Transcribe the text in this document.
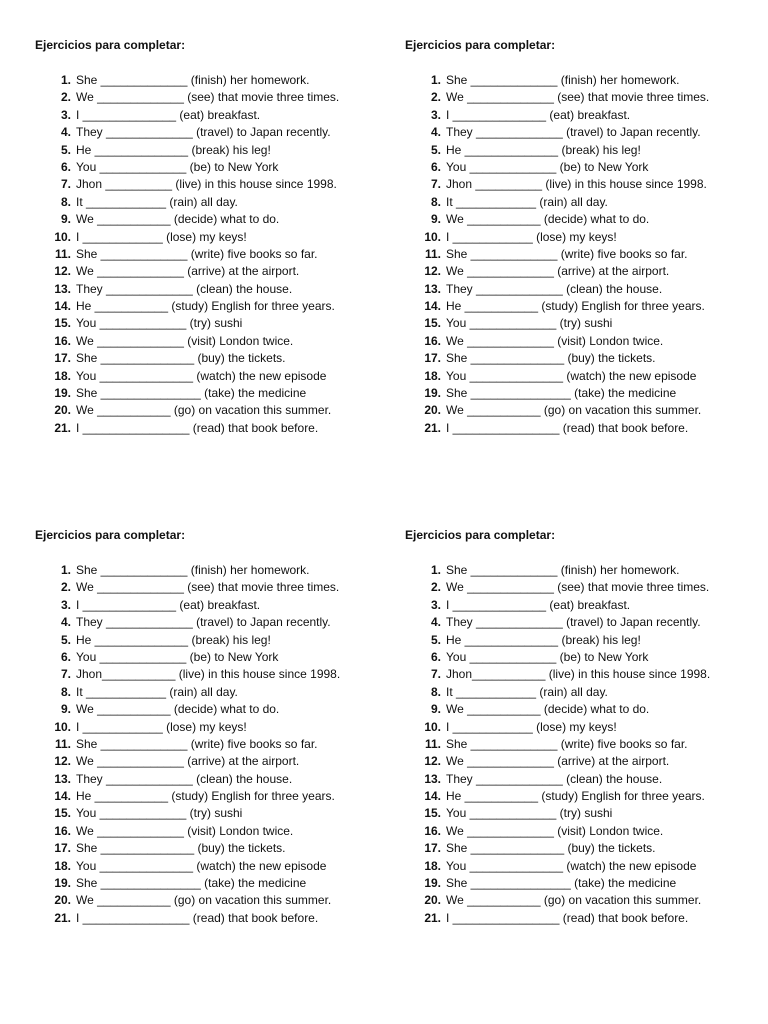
Ejercicios para completar:
1. She _____________ (finish) her homework.
2. We _____________ (see) that movie three times.
3. I ______________ (eat) breakfast.
4. They _____________ (travel) to Japan recently.
5. He ______________ (break) his leg!
6. You _____________ (be) to New York
7. Jhon __________ (live) in this house since 1998.
8. It ____________ (rain) all day.
9. We ___________ (decide) what to do.
10. I ____________ (lose) my keys!
11. She _____________ (write) five books so far.
12. We _____________ (arrive) at the airport.
13. They _____________ (clean) the house.
14. He ___________ (study) English for three years.
15. You _____________ (try) sushi
16. We _____________ (visit) London twice.
17. She ______________ (buy) the tickets.
18. You ______________ (watch) the new episode
19. She _______________ (take) the medicine
20. We ___________ (go) on vacation this summer.
21. I ________________ (read) that book before.
Ejercicios para completar:
1. She _____________ (finish) her homework.
2. We _____________ (see) that movie three times.
3. I ______________ (eat) breakfast.
4. They _____________ (travel) to Japan recently.
5. He ______________ (break) his leg!
6. You _____________ (be) to New York
7. Jhon __________ (live) in this house since 1998.
8. It ____________ (rain) all day.
9. We ___________ (decide) what to do.
10. I ____________ (lose) my keys!
11. She _____________ (write) five books so far.
12. We _____________ (arrive) at the airport.
13. They _____________ (clean) the house.
14. He ___________ (study) English for three years.
15. You _____________ (try) sushi
16. We _____________ (visit) London twice.
17. She ______________ (buy) the tickets.
18. You ______________ (watch) the new episode
19. She _______________ (take) the medicine
20. We ___________ (go) on vacation this summer.
21. I ________________ (read) that book before.
Ejercicios para completar:
1. She _____________ (finish) her homework.
2. We _____________ (see) that movie three times.
3. I ______________ (eat) breakfast.
4. They _____________ (travel) to Japan recently.
5. He ______________ (break) his leg!
6. You _____________ (be) to New York
7. Jhon___________ (live) in this house since 1998.
8. It ____________ (rain) all day.
9. We ___________ (decide) what to do.
10. I ____________ (lose) my keys!
11. She _____________ (write) five books so far.
12. We _____________ (arrive) at the airport.
13. They _____________ (clean) the house.
14. He ___________ (study) English for three years.
15. You _____________ (try) sushi
16. We _____________ (visit) London twice.
17. She ______________ (buy) the tickets.
18. You ______________ (watch) the new episode
19. She _______________ (take) the medicine
20. We ___________ (go) on vacation this summer.
21. I ________________ (read) that book before.
Ejercicios para completar:
1. She _____________ (finish) her homework.
2. We _____________ (see) that movie three times.
3. I ______________ (eat) breakfast.
4. They _____________ (travel) to Japan recently.
5. He ______________ (break) his leg!
6. You _____________ (be) to New York
7. Jhon___________ (live) in this house since 1998.
8. It ____________ (rain) all day.
9. We ___________ (decide) what to do.
10. I ____________ (lose) my keys!
11. She _____________ (write) five books so far.
12. We _____________ (arrive) at the airport.
13. They _____________ (clean) the house.
14. He ___________ (study) English for three years.
15. You _____________ (try) sushi
16. We _____________ (visit) London twice.
17. She ______________ (buy) the tickets.
18. You ______________ (watch) the new episode
19. She _______________ (take) the medicine
20. We ___________ (go) on vacation this summer.
21. I ________________ (read) that book before.
